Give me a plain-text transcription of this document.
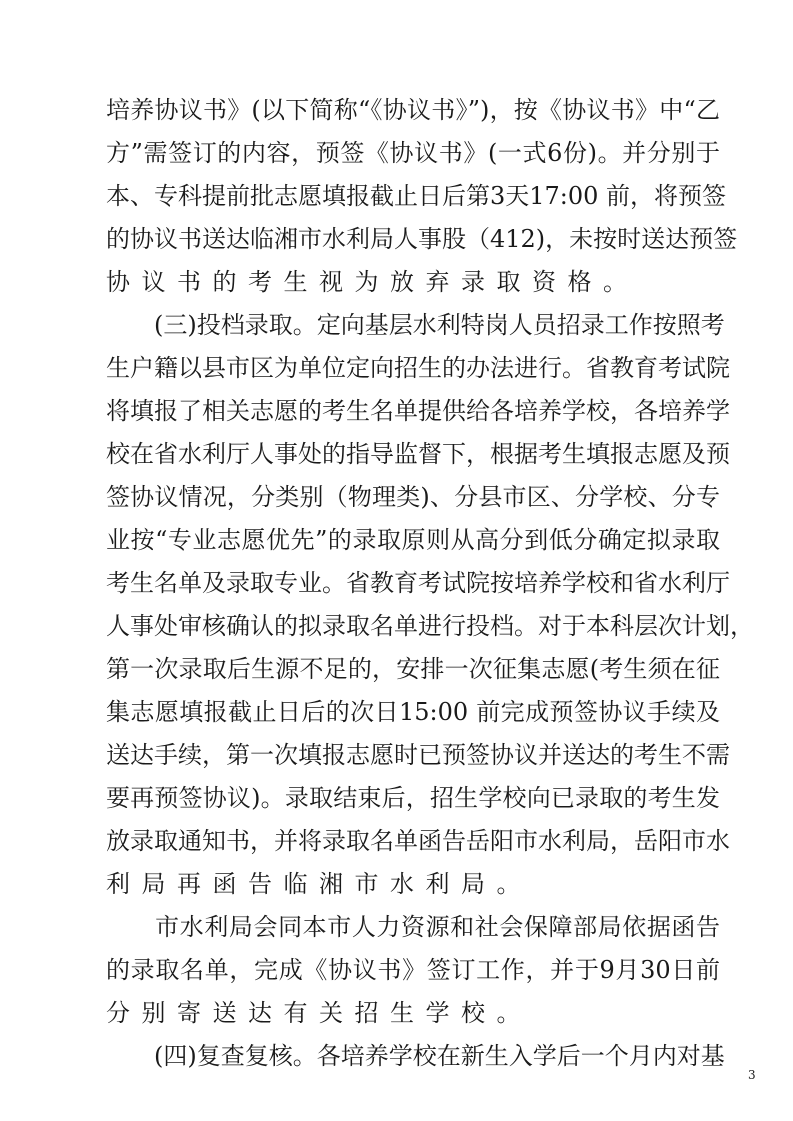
培养协议书》(以下简称“《协议书》”)，按《协议书》中“乙
方”需签订的内容，预签《协议书》(一式6份)。并分别于
本、专科提前批志愿填报截止日后第3天17:00 前，将预签
的协议书送达临湘市水利局人事股（412)，未按时送达预签
协议书的考生视为放弃录取资格。
　　(三)投档录取。定向基层水利特岗人员招录工作按照考
生户籍以县市区为单位定向招生的办法进行。省教育考试院
将填报了相关志愿的考生名单提供给各培养学校，各培养学
校在省水利厅人事处的指导监督下，根据考生填报志愿及预
签协议情况，分类别（物理类)、分县市区、分学校、分专
业按“专业志愿优先”的录取原则从高分到低分确定拟录取
考生名单及录取专业。省教育考试院按培养学校和省水利厅
人事处审核确认的拟录取名单进行投档。对于本科层次计划，
第一次录取后生源不足的，安排一次征集志愿(考生须在征
集志愿填报截止日后的次日15:00 前完成预签协议手续及
送达手续，第一次填报志愿时已预签协议并送达的考生不需
要再预签协议)。录取结束后，招生学校向已录取的考生发
放录取通知书，并将录取名单函告岳阳市水利局，岳阳市水
利局再函告临湘市水利局。
　　市水利局会同本市人力资源和社会保障部局依据函告
的录取名单，完成《协议书》签订工作，并于9月30日前
分别寄送达有关招生学校。
　　(四)复查复核。各培养学校在新生入学后一个月内对基
3
